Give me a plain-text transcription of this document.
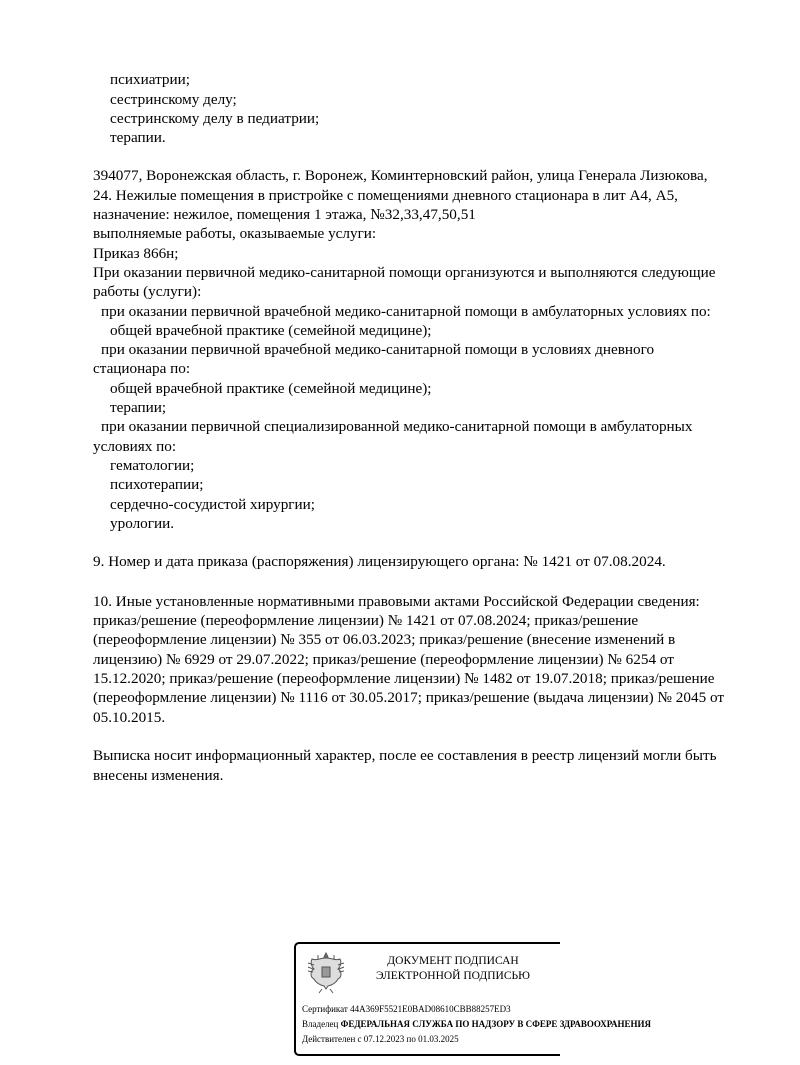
психиатрии;
сестринскому делу;
сестринскому делу в педиатрии;
терапии.
394077, Воронежская область, г. Воронеж, Коминтерновский район, улица Генерала Лизюкова,
24. Нежилые помещения в пристройке с помещениями дневного стационара в лит А4, А5,
назначение: нежилое, помещения 1 этажа, №32,33,47,50,51
выполняемые работы, оказываемые услуги:
Приказ 866н;
При оказании первичной медико-санитарной помощи организуются и выполняются следующие
работы (услуги):
при оказании первичной врачебной медико-санитарной помощи в амбулаторных условиях по:
общей врачебной практике (семейной медицине);
при оказании первичной врачебной медико-санитарной помощи в условиях дневного
стационара по:
общей врачебной практике (семейной медицине);
терапии;
при оказании первичной специализированной медико-санитарной помощи в амбулаторных
условиях по:
гематологии;
психотерапии;
сердечно-сосудистой хирургии;
урологии.
9. Номер и дата приказа (распоряжения) лицензирующего органа: № 1421 от 07.08.2024.
10. Иные установленные нормативными правовыми актами Российской Федерации сведения:
приказ/решение (переоформление лицензии) № 1421 от 07.08.2024; приказ/решение
(переоформление лицензии) № 355 от 06.03.2023; приказ/решение (внесение изменений в
лицензию) № 6929 от 29.07.2022; приказ/решение (переоформление лицензии) № 6254 от
15.12.2020; приказ/решение (переоформление лицензии) № 1482 от 19.07.2018; приказ/решение
(переоформление лицензии) № 1116 от 30.05.2017; приказ/решение (выдача лицензии) № 2045 от
05.10.2015.
Выписка носит информационный характер, после ее составления в реестр лицензий могли быть
внесены изменения.
ДОКУМЕНТ ПОДПИСАН
ЭЛЕКТРОННОЙ ПОДПИСЬЮ
Сертификат 44A369F5521E0BAD08610CBB88257ED3
Владелец ФЕДЕРАЛЬНАЯ СЛУЖБА ПО НАДЗОРУ В СФЕРЕ ЗДРАВООХРАНЕНИЯ
Действителен с 07.12.2023 по 01.03.2025
